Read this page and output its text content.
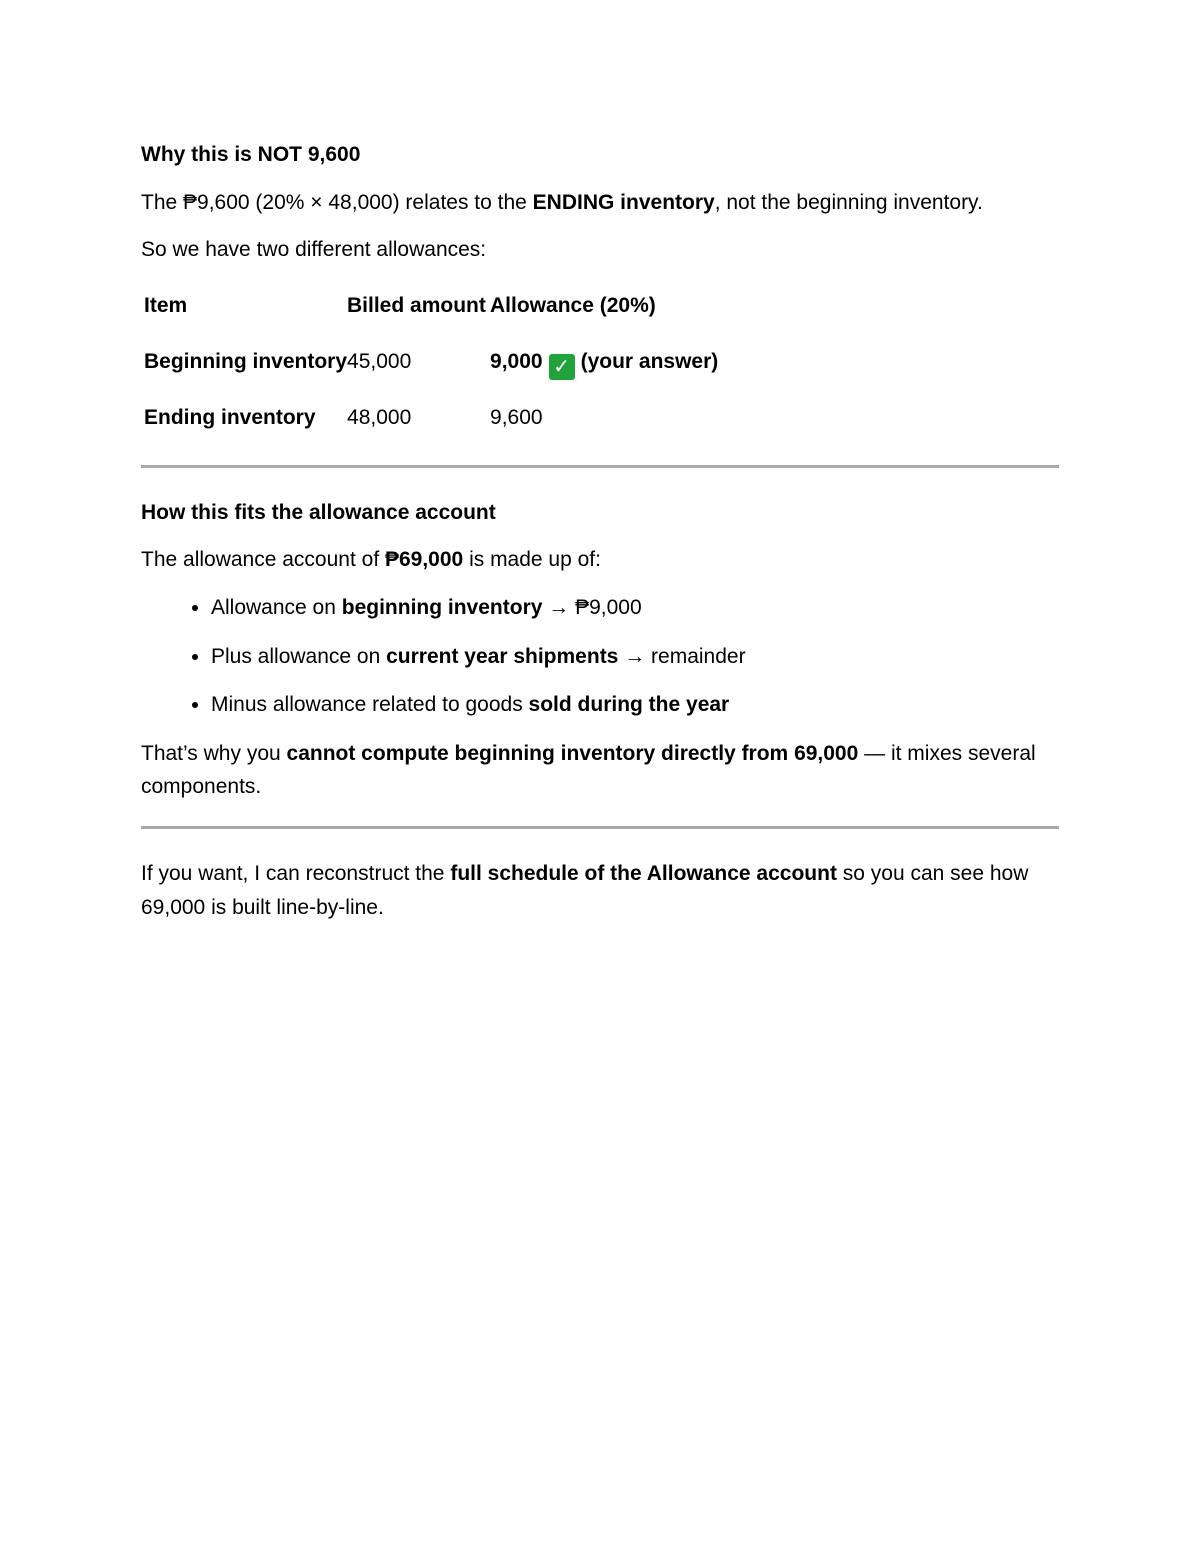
Why this is NOT 9,600

The ₱9,600 (20% × 48,000) relates to the ENDING inventory, not the beginning inventory.

So we have two different allowances:

Item	Billed amount	Allowance (20%)
Beginning inventory	45,000	9,000 ✓ (your answer)
Ending inventory	48,000	9,600

How this fits the allowance account

The allowance account of ₱69,000 is made up of:

• Allowance on beginning inventory → ₱9,000
• Plus allowance on current year shipments → remainder
• Minus allowance related to goods sold during the year

That’s why you cannot compute beginning inventory directly from 69,000 — it mixes several components.

If you want, I can reconstruct the full schedule of the Allowance account so you can see how 69,000 is built line-by-line.
